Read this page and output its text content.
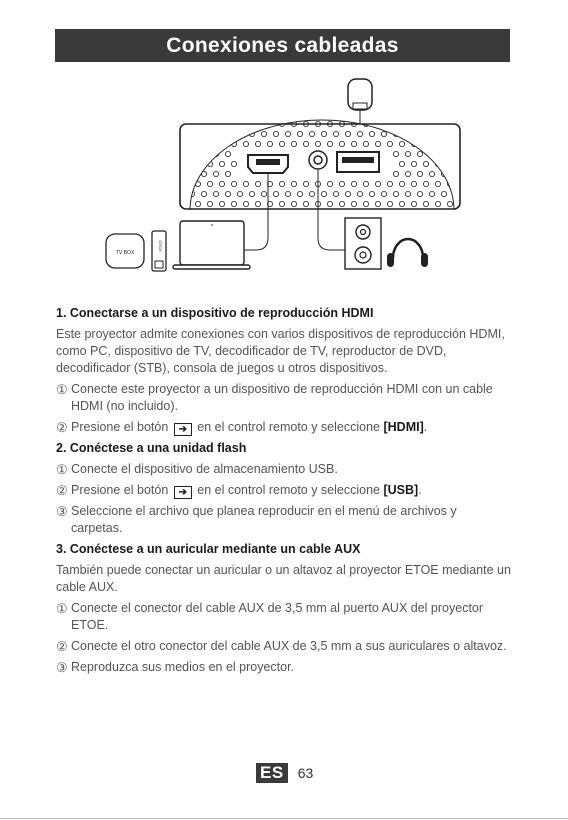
Conexiones cableadas
TV BOX
STICK
1. Conectarse a un dispositivo de reproducción HDMI
Este proyector admite conexiones con varios dispositivos de reproducción HDMI, como PC, dispositivo de TV, decodificador de TV, reproductor de DVD, decodificador (STB), consola de juegos u otros dispositivos.
① Conecte este proyector a un dispositivo de reproducción HDMI con un cable HDMI (no incluido).
② Presione el botón ➔ en el control remoto y seleccione [HDMI].
2. Conéctese a una unidad flash
① Conecte el dispositivo de almacenamiento USB.
② Presione el botón ➔ en el control remoto y seleccione [USB].
③ Seleccione el archivo que planea reproducir en el menú de archivos y carpetas.
3. Conéctese a un auricular mediante un cable AUX
También puede conectar un auricular o un altavoz al proyector ETOE mediante un cable AUX.
① Conecte el conector del cable AUX de 3,5 mm al puerto AUX del proyector ETOE.
② Conecte el otro conector del cable AUX de 3,5 mm a sus auriculares o altavoz.
③ Reproduzca sus medios en el proyector.
ES 63
